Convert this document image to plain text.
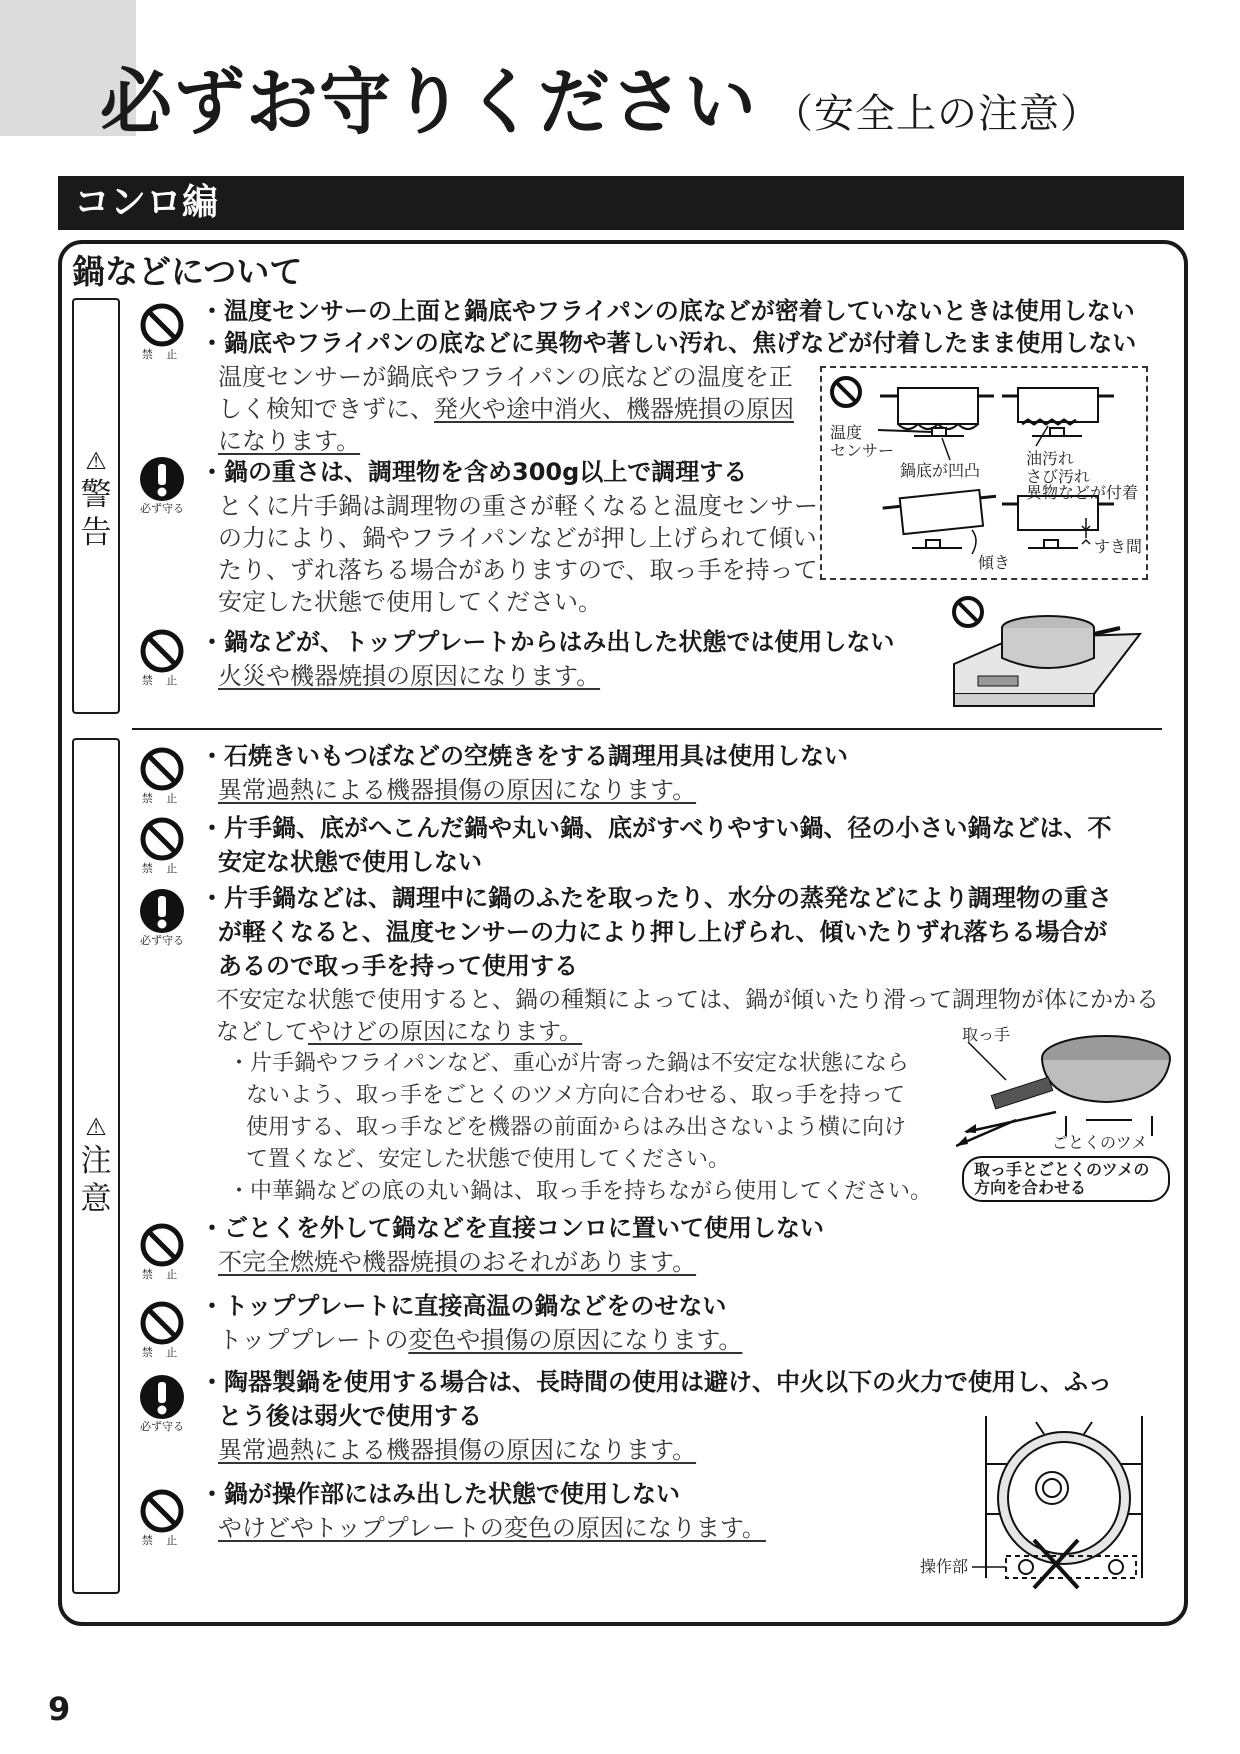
必ずお守りください （安全上の注意）
コンロ編
鍋などについて
⚠
警
告
⚠
注
意
禁 止
・温度センサーの上面と鍋底やフライパンの底などが密着していないときは使用しない
・鍋底やフライパンの底などに異物や著しい汚れ、焦げなどが付着したまま使用しない
温度センサーが鍋底やフライパンの底などの温度を正
しく検知できずに、発火や途中消火、機器焼損の原因
になります。
必ず守る
・鍋の重さは、調理物を含め300g以上で調理する
とくに片手鍋は調理物の重さが軽くなると温度センサー
の力により、鍋やフライパンなどが押し上げられて傾い
たり、ずれ落ちる場合がありますので、取っ手を持って
安定した状態で使用してください。
温度
センサー
鍋底が凹凸
油汚れ
さび汚れ
異物などが付着
傾き
すき間
禁 止
・鍋などが、トッププレートからはみ出した状態では使用しない
火災や機器焼損の原因になります。
禁 止
・石焼きいもつぼなどの空焼きをする調理用具は使用しない
異常過熱による機器損傷の原因になります。
禁 止
・片手鍋、底がへこんだ鍋や丸い鍋、底がすべりやすい鍋、径の小さい鍋などは、不
安定な状態で使用しない
必ず守る
・片手鍋などは、調理中に鍋のふたを取ったり、水分の蒸発などにより調理物の重さ
が軽くなると、温度センサーの力により押し上げられ、傾いたりずれ落ちる場合が
あるので取っ手を持って使用する
不安定な状態で使用すると、鍋の種類によっては、鍋が傾いたり滑って調理物が体にかかる
などしてやけどの原因になります。
・片手鍋やフライパンなど、重心が片寄った鍋は不安定な状態になら
ないよう、取っ手をごとくのツメ方向に合わせる、取っ手を持って
使用する、取っ手などを機器の前面からはみ出さないよう横に向け
て置くなど、安定した状態で使用してください。
・中華鍋などの底の丸い鍋は、取っ手を持ちながら使用してください。
取っ手
ごとくのツメ
取っ手とごとくのツメの
方向を合わせる
禁 止
・ごとくを外して鍋などを直接コンロに置いて使用しない
不完全燃焼や機器焼損のおそれがあります。
禁 止
・トッププレートに直接高温の鍋などをのせない
トッププレートの変色や損傷の原因になります。
必ず守る
・陶器製鍋を使用する場合は、長時間の使用は避け、中火以下の火力で使用し、ふっ
とう後は弱火で使用する
異常過熱による機器損傷の原因になります。
禁 止
・鍋が操作部にはみ出した状態で使用しない
やけどやトッププレートの変色の原因になります。
操作部
9
